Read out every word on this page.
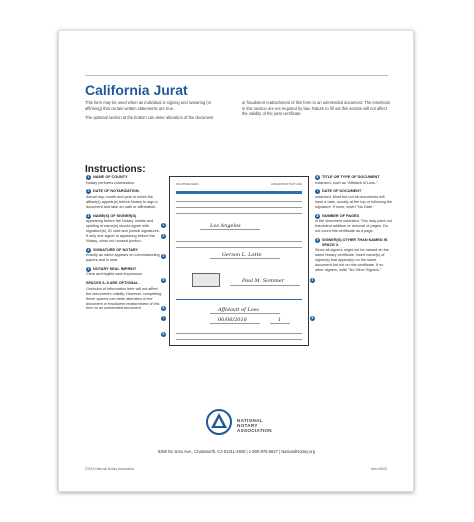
California Jurat

This form may be used when an individual is signing and swearing (or affirming) that certain written statements are true.

The optional section at the bottom can deter alteration of the document

or fraudulent reattachment of this form to an unintended document. The insertions in this section are not required by law. Failure to fill out this section will not affect the validity of the jurat certificate.

Instructions:
1 NAME OF COUNTY
Notary performs notarization.
2 DATE OF NOTARIZATION.
Actual day, month and year in which the affiant(s) appear(s) before Notary to sign a document and take an oath or affirmation.
3 NAME(S) OF SIGNER(S)
appearing before the Notary. Initials and spelling of name(s) should agree with signature(s), ID card and journal signatures. If only one signer is appearing before the Notary, cross out unused portion.
4 SIGNATURE OF NOTARY
exactly as name appears on commissioning papers and in seal.
5 NOTARY SEAL IMPRINT
Clear and legible seal impression.
SPACES 6–9 ARE OPTIONAL.
Omission of information here will not affect the document's validity. However, completing these spaces can deter alteration of the document or fraudulent reattachment of this form to an unintended document.
6 TITLE OR TYPE OF DOCUMENT
notarized, such as "Affidavit of Loss."
7 DATE OF DOCUMENT
notarized. Most but not all documents will have a date, usually at the top or following the signature. If none, insert "No Date."
8 NUMBER OF PAGES
in the document notarized. This may point out fraudulent addition or removal of pages. Do not count this certificate as a page.
9 SIGNER(S) OTHER THAN NAMED IN SPACE 3.
Since all signers might not be named on the same Notary certificate, insert name(s) of signer(s) that appear(s) on the same document but not on this certificate. If no other signers, write "No Other Signers."
RIGHTSIDE DEMO	LOREMIPSUM TEXT LINE
Los Angeles
Gerson L. Lotte
Paul M. Sommer
Affidavit of Loss
06/06/2016	1
1
2
3
5	4
6
7	8
9
NATIONAL
NOTARY
ASSOCIATION
9350 De Soto Ave., Chatsworth, CA 91311-4926 | 1-800-876-6827 | NationalNotary.org
©2016 National Notary Association	Item #5205
